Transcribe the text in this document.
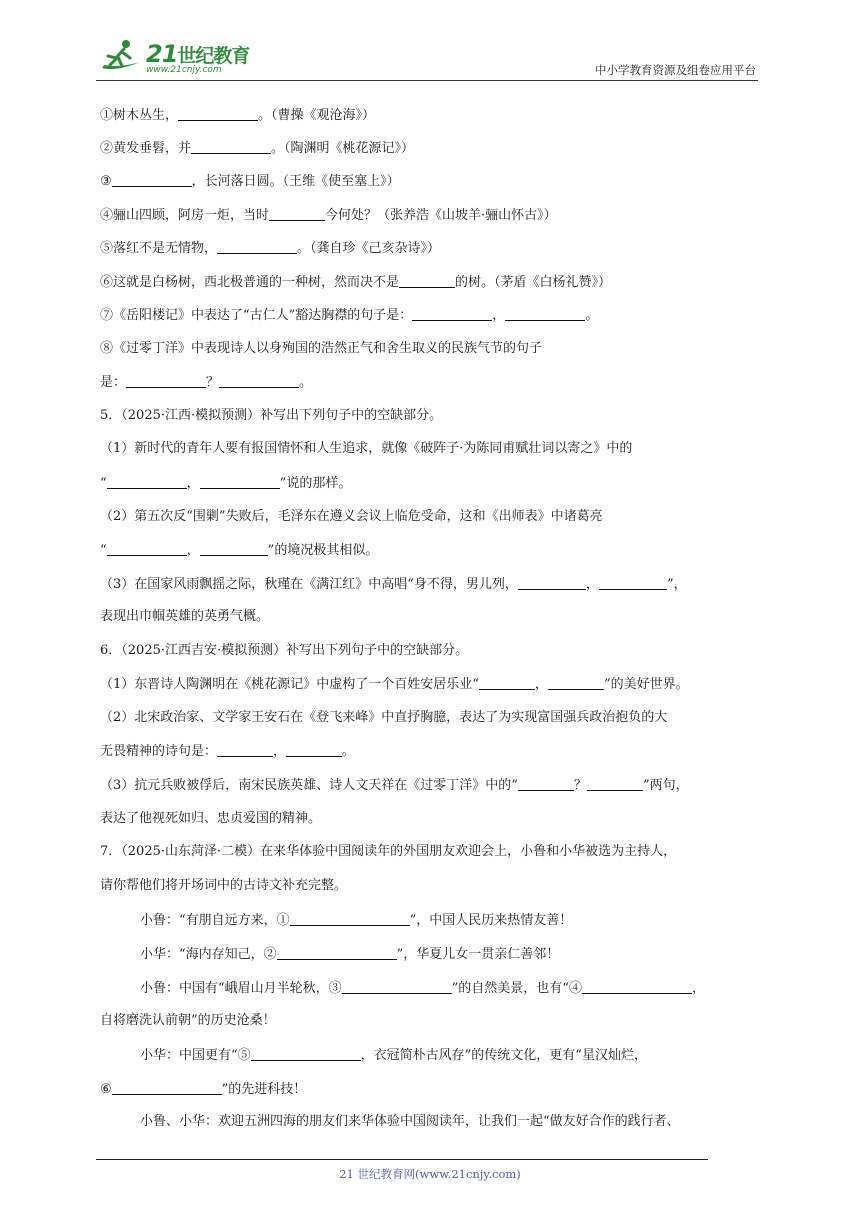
21世纪教育
www.21cnjy.com	中小学教育资源及组卷应用平台
①树木丛生，	。（曹操《观沧海》）
②黄发垂髫，并	。（陶渊明《桃花源记》）
③	，长河落日圆。（王维《使至塞上》）
④骊山四顾，阿房一炬，当时	今何处？（张养浩《山坡羊·骊山怀古》）
⑤落红不是无情物，	。（龚自珍《己亥杂诗》）
⑥这就是白杨树，西北极普通的一种树，然而决不是	的树。（茅盾《白杨礼赞》）
⑦《岳阳楼记》中表达了“古仁人”豁达胸襟的句子是：	，	。
⑧《过零丁洋》中表现诗人以身殉国的浩然正气和舍生取义的民族气节的句子
是：	？	。
5．（2025·江西·模拟预测）补写出下列句子中的空缺部分。
（1）新时代的青年人要有报国情怀和人生追求，就像《破阵子·为陈同甫赋壮词以寄之》中的
“	，	”说的那样。
（2）第五次反“围剿”失败后，毛泽东在遵义会议上临危受命，这和《出师表》中诸葛亮
“	，	”的境况极其相似。
（3）在国家风雨飘摇之际，秋瑾在《满江红》中高唱“身不得，男儿列，	，	”，
表现出巾帼英雄的英勇气概。
6．（2025·江西吉安·模拟预测）补写出下列句子中的空缺部分。
（1）东晋诗人陶渊明在《桃花源记》中虚构了一个百姓安居乐业“	，	”的美好世界。
（2）北宋政治家、文学家王安石在《登飞来峰》中直抒胸臆，表达了为实现富国强兵政治抱负的大
无畏精神的诗句是：	，	。
（3）抗元兵败被俘后，南宋民族英雄、诗人文天祥在《过零丁洋》中的“	？	”两句，
表达了他视死如归、忠贞爱国的精神。
7．（2025·山东菏泽·二模）在来华体验中国阅读年的外国朋友欢迎会上，小鲁和小华被选为主持人，
请你帮他们将开场词中的古诗文补充完整。
小鲁：“有朋自远方来，①	”，中国人民历来热情友善！
小华：“海内存知己，②	”，华夏儿女一贯亲仁善邻！
小鲁：中国有“峨眉山月半轮秋，③	”的自然美景，也有“④	，
自将磨洗认前朝”的历史沧桑！
小华：中国更有“⑤	，衣冠简朴古风存”的传统文化，更有“星汉灿烂，
⑥	”的先进科技！
小鲁、小华：欢迎五洲四海的朋友们来华体验中国阅读年，让我们一起“做友好合作的践行者、
21 世纪教育网(www.21cnjy.com)
